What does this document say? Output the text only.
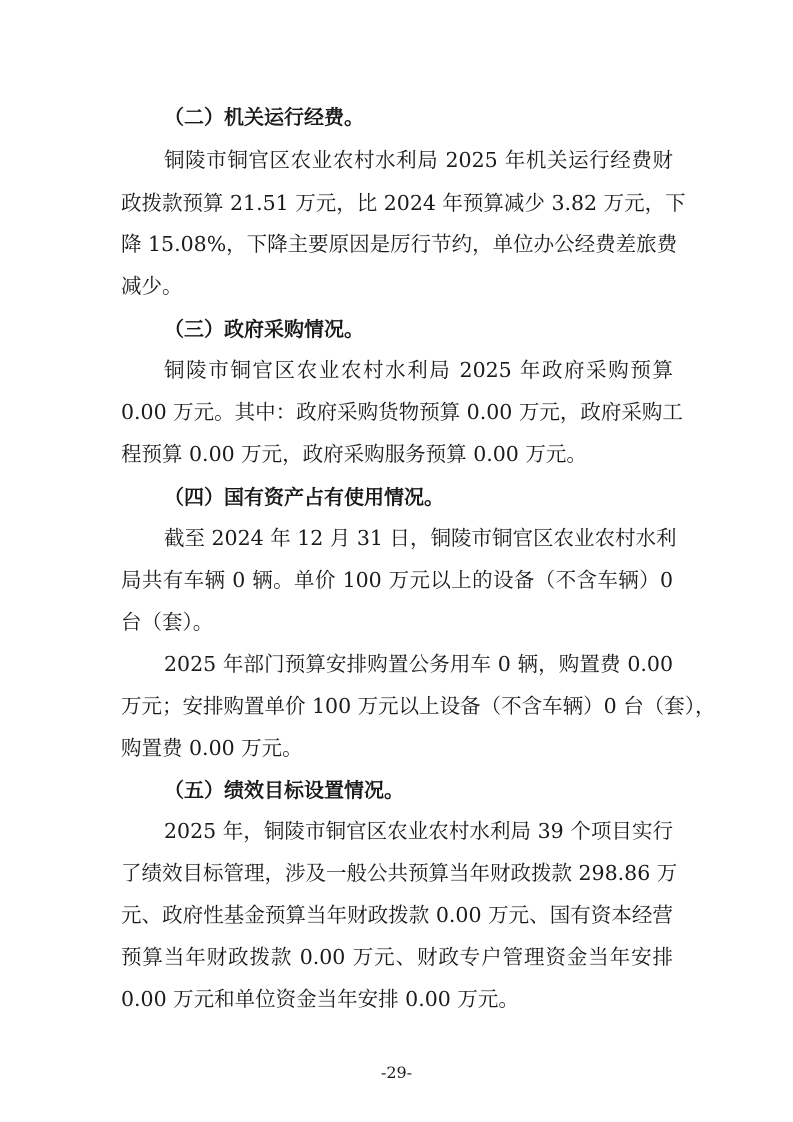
（二）机关运行经费。
铜陵市铜官区农业农村水利局 2025 年机关运行经费财
政拨款预算 21.51 万元，比 2024 年预算减少 3.82 万元，下
降 15.08%，下降主要原因是厉行节约，单位办公经费差旅费
减少。
（三）政府采购情况。
铜陵市铜官区农业农村水利局 2025 年政府采购预算
0.00 万元。其中：政府采购货物预算 0.00 万元，政府采购工
程预算 0.00 万元，政府采购服务预算 0.00 万元。
（四）国有资产占有使用情况。
截至 2024 年 12 月 31 日，铜陵市铜官区农业农村水利
局共有车辆 0 辆。单价 100 万元以上的设备（不含车辆）0
台（套）。
2025 年部门预算安排购置公务用车 0 辆，购置费 0.00
万元；安排购置单价 100 万元以上设备（不含车辆）0 台（套），
购置费 0.00 万元。
（五）绩效目标设置情况。
2025 年，铜陵市铜官区农业农村水利局 39 个项目实行
了绩效目标管理，涉及一般公共预算当年财政拨款 298.86 万
元、政府性基金预算当年财政拨款 0.00 万元、国有资本经营
预算当年财政拨款 0.00 万元、财政专户管理资金当年安排
0.00 万元和单位资金当年安排 0.00 万元。
-29-
